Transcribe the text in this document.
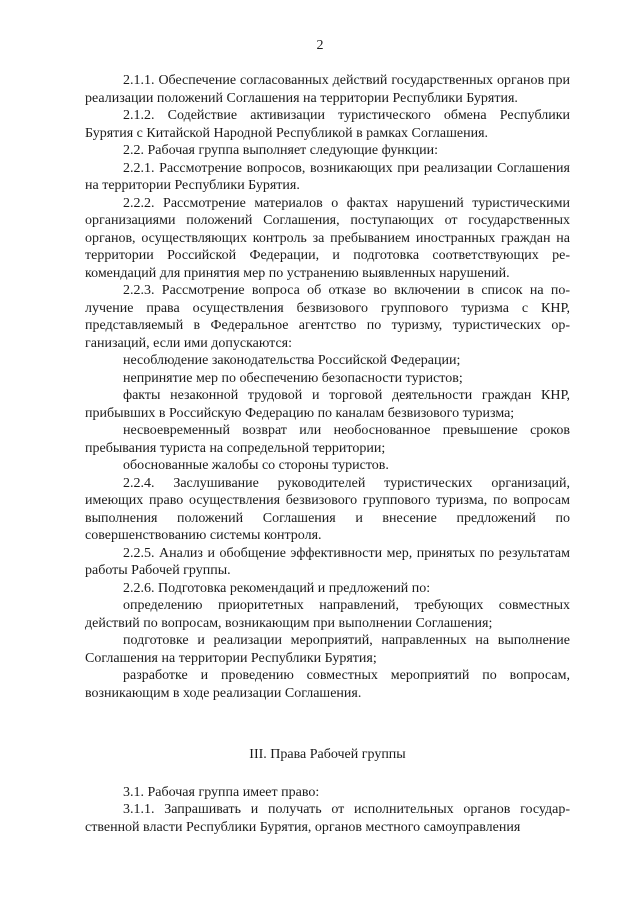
2

2.1.1. Обеспечение согласованных действий государственных органов при реализации положений Соглашения на территории Республики Бурятия.

2.1.2. Содействие активизации туристического обмена Республики Бурятия с Китайской Народной Республикой в рамках Соглашения.

2.2. Рабочая группа выполняет следующие функции:

2.2.1. Рассмотрение вопросов, возникающих при реализации Соглашения на территории Республики Бурятия.

2.2.2. Рассмотрение материалов о фактах нарушений туристическими организациями положений Соглашения, поступающих от государственных органов, осуществляющих контроль за пребыванием иностранных граждан на территории Российской Федерации, и подготовка соответствующих рекомендаций для принятия мер по устранению выявленных нарушений.

2.2.3. Рассмотрение вопроса об отказе во включении в список на получение права осуществления безвизового группового туризма с КНР, представляемый в Федеральное агентство по туризму, туристических организаций, если ими допускаются:

несоблюдение законодательства Российской Федерации;

непринятие мер по обеспечению безопасности туристов;

факты незаконной трудовой и торговой деятельности граждан КНР, прибывших в Российскую Федерацию по каналам безвизового туризма;

несвоевременный возврат или необоснованное превышение сроков пребывания туриста на сопредельной территории;

обоснованные жалобы со стороны туристов.

2.2.4. Заслушивание руководителей туристических организаций, имеющих право осуществления безвизового группового туризма, по вопросам выполнения положений Соглашения и внесение предложений по совершенствованию системы контроля.

2.2.5. Анализ и обобщение эффективности мер, принятых по результатам работы Рабочей группы.

2.2.6. Подготовка рекомендаций и предложений по:

определению приоритетных направлений, требующих совместных действий по вопросам, возникающим при выполнении Соглашения;

подготовке и реализации мероприятий, направленных на выполнение Соглашения на территории Республики Бурятия;

разработке и проведению совместных мероприятий по вопросам, возникающим в ходе реализации Соглашения.

III. Права Рабочей группы

3.1. Рабочая группа имеет право:

3.1.1. Запрашивать и получать от исполнительных органов государственной власти Республики Бурятия, органов местного самоуправления
